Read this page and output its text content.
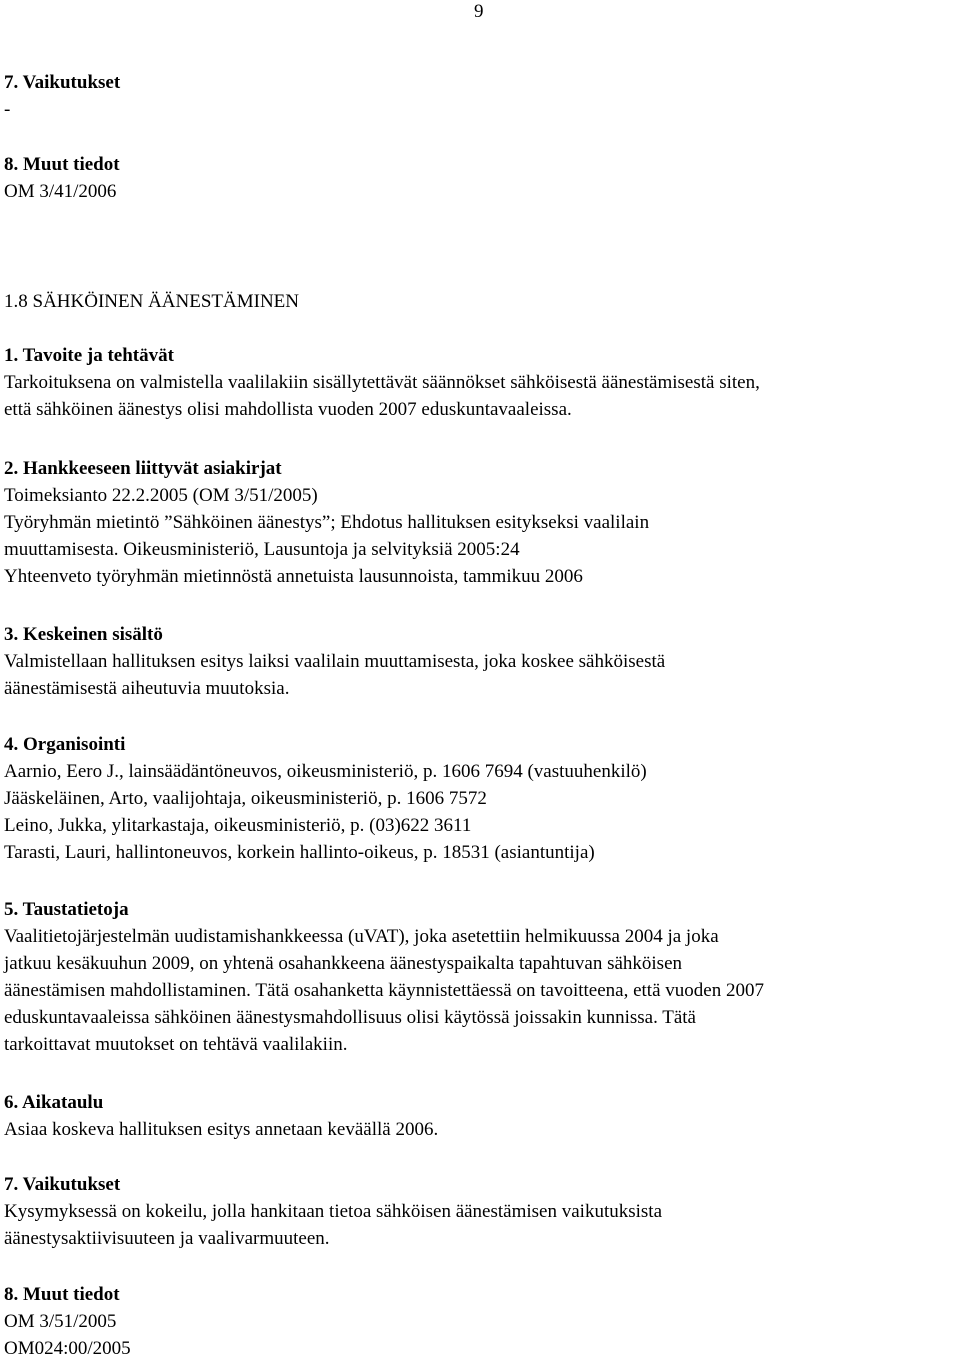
9
7. Vaikutukset
-
8. Muut tiedot
OM 3/41/2006
1.8 SÄHKÖINEN ÄÄNESTÄMINEN
1. Tavoite ja tehtävät
Tarkoituksena on valmistella vaalilakiin sisällytettävät säännökset sähköisestä äänestämisestä siten,
että sähköinen äänestys olisi mahdollista vuoden 2007 eduskuntavaaleissa.
2. Hankkeeseen liittyvät asiakirjat
Toimeksianto 22.2.2005 (OM 3/51/2005)
Työryhmän mietintö ”Sähköinen äänestys”; Ehdotus hallituksen esitykseksi vaalilain
muuttamisesta. Oikeusministeriö, Lausuntoja ja selvityksiä 2005:24
Yhteenveto työryhmän mietinnöstä annetuista lausunnoista, tammikuu 2006
3. Keskeinen sisältö
Valmistellaan hallituksen esitys laiksi vaalilain muuttamisesta, joka koskee sähköisestä
äänestämisestä aiheutuvia muutoksia.
4. Organisointi
Aarnio, Eero J., lainsäädäntöneuvos, oikeusministeriö, p. 1606 7694 (vastuuhenkilö)
Jääskeläinen, Arto, vaalijohtaja, oikeusministeriö, p. 1606 7572
Leino, Jukka, ylitarkastaja, oikeusministeriö, p. (03)622 3611
Tarasti, Lauri, hallintoneuvos, korkein hallinto-oikeus, p. 18531 (asiantuntija)
5. Taustatietoja
Vaalitietojärjestelmän uudistamishankkeessa (uVAT), joka asetettiin helmikuussa 2004 ja joka
jatkuu kesäkuuhun 2009, on yhtenä osahankkeena äänestyspaikalta tapahtuvan sähköisen
äänestämisen mahdollistaminen. Tätä osahanketta käynnistettäessä on tavoitteena, että vuoden 2007
eduskuntavaaleissa sähköinen äänestysmahdollisuus olisi käytössä joissakin kunnissa. Tätä
tarkoittavat muutokset on tehtävä vaalilakiin.
6. Aikataulu
Asiaa koskeva hallituksen esitys annetaan keväällä 2006.
7. Vaikutukset
Kysymyksessä on kokeilu, jolla hankitaan tietoa sähköisen äänestämisen vaikutuksista
äänestysaktiivisuuteen ja vaalivarmuuteen.
8. Muut tiedot
OM 3/51/2005
OM024:00/2005
